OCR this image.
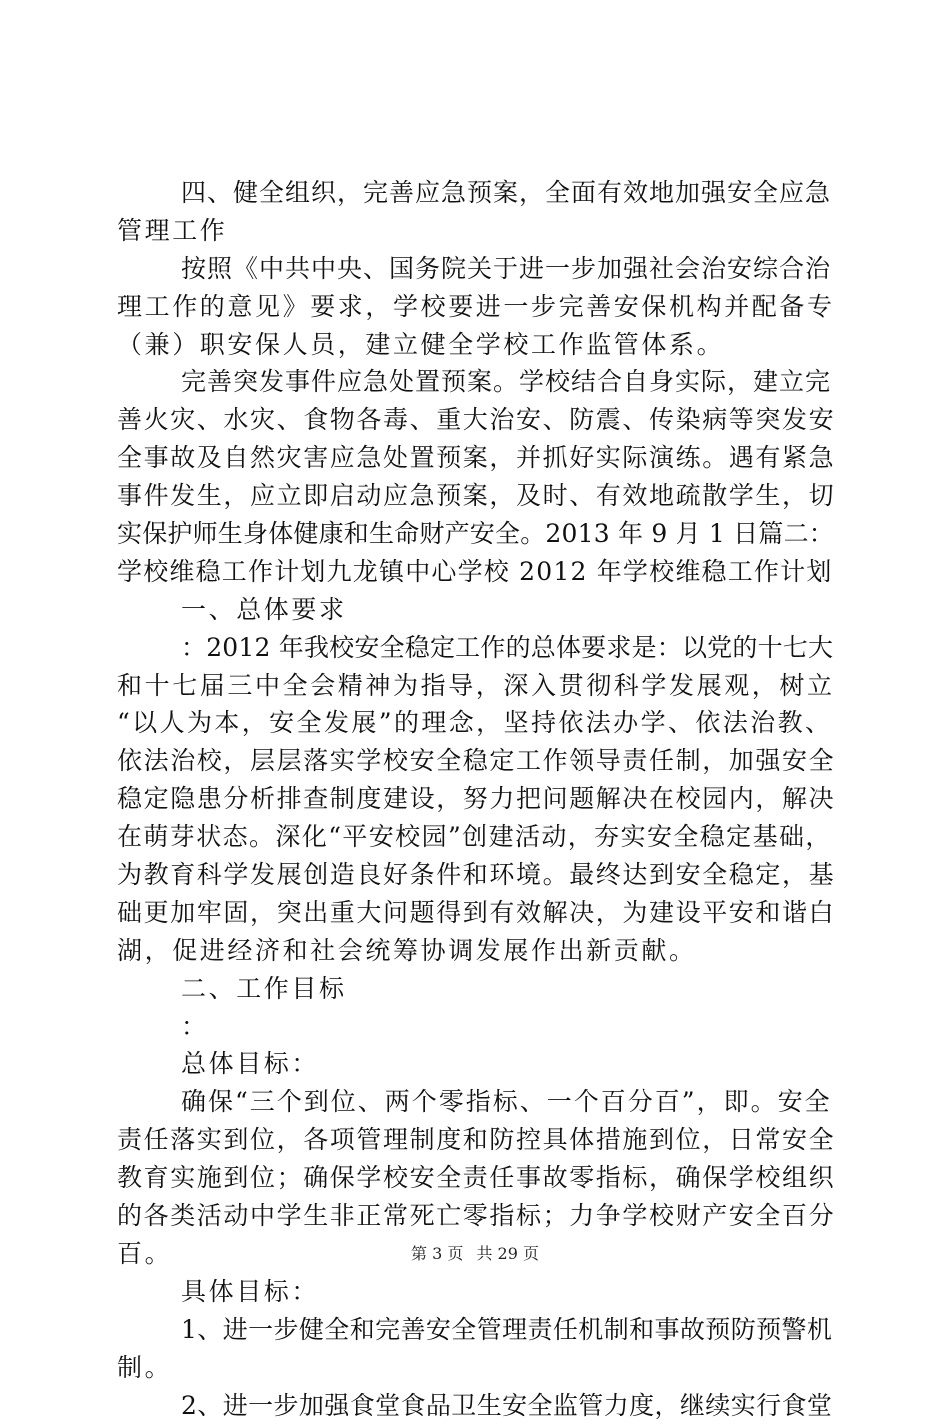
四、健全组织，完善应急预案，全面有效地加强安全应急
管理工作
按照《中共中央、国务院关于进一步加强社会治安综合治
理工作的意见》要求，学校要进一步完善安保机构并配备专
（兼）职安保人员，建立健全学校工作监管体系。
完善突发事件应急处置预案。学校结合自身实际，建立完
善火灾、水灾、食物各毒、重大治安、防震、传染病等突发安
全事故及自然灾害应急处置预案，并抓好实际演练。遇有紧急
事件发生，应立即启动应急预案，及时、有效地疏散学生，切
实保护师生身体健康和生命财产安全。2013 年 9 月 1 日篇二：
学校维稳工作计划九龙镇中心学校 2012 年学校维稳工作计划
一、总体要求
：2012 年我校安全稳定工作的总体要求是：以党的十七大
和十七届三中全会精神为指导，深入贯彻科学发展观，树立
“以人为本，安全发展”的理念，坚持依法办学、依法治教、
依法治校，层层落实学校安全稳定工作领导责任制，加强安全
稳定隐患分析排查制度建设，努力把问题解决在校园内，解决
在萌芽状态。深化“平安校园”创建活动，夯实安全稳定基础，
为教育科学发展创造良好条件和环境。最终达到安全稳定，基
础更加牢固，突出重大问题得到有效解决，为建设平安和谐白
湖，促进经济和社会统筹协调发展作出新贡献。
二、工作目标
：
总体目标：
确保“三个到位、两个零指标、一个百分百”，即。安全
责任落实到位，各项管理制度和防控具体措施到位，日常安全
教育实施到位；确保学校安全责任事故零指标，确保学校组织
的各类活动中学生非正常死亡零指标；力争学校财产安全百分
百。
具体目标：
1、进一步健全和完善安全管理责任机制和事故预防预警机
制。
2、进一步加强食堂食品卫生安全监管力度，继续实行食堂
第 3 页 共 29 页
